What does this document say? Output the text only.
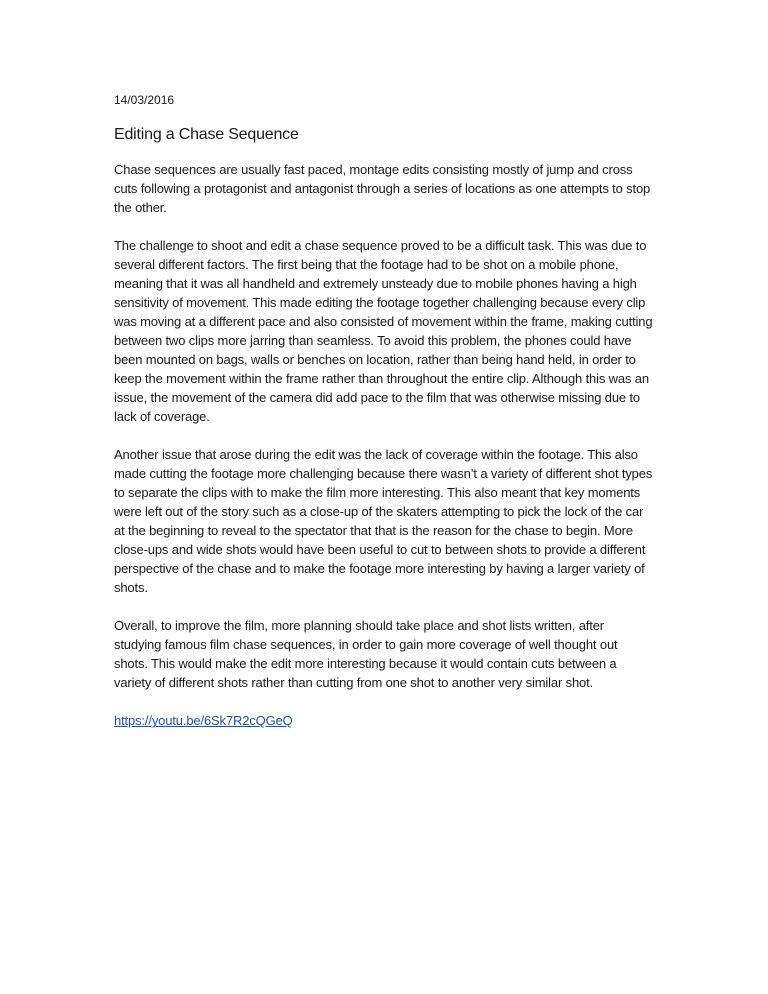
14/03/2016
Editing a Chase Sequence

Chase sequences are usually fast paced, montage edits consisting mostly of jump and cross cuts following a protagonist and antagonist through a series of locations as one attempts to stop the other.

The challenge to shoot and edit a chase sequence proved to be a difficult task. This was due to several different factors. The first being that the footage had to be shot on a mobile phone, meaning that it was all handheld and extremely unsteady due to mobile phones having a high sensitivity of movement. This made editing the footage together challenging because every clip was moving at a different pace and also consisted of movement within the frame, making cutting between two clips more jarring than seamless. To avoid this problem, the phones could have been mounted on bags, walls or benches on location, rather than being hand held, in order to keep the movement within the frame rather than throughout the entire clip. Although this was an issue, the movement of the camera did add pace to the film that was otherwise missing due to lack of coverage.

Another issue that arose during the edit was the lack of coverage within the footage. This also made cutting the footage more challenging because there wasn’t a variety of different shot types to separate the clips with to make the film more interesting. This also meant that key moments were left out of the story such as a close-up of the skaters attempting to pick the lock of the car at the beginning to reveal to the spectator that that is the reason for the chase to begin. More close-ups and wide shots would have been useful to cut to between shots to provide a different perspective of the chase and to make the footage more interesting by having a larger variety of shots.

Overall, to improve the film, more planning should take place and shot lists written, after studying famous film chase sequences, in order to gain more coverage of well thought out shots. This would make the edit more interesting because it would contain cuts between a variety of different shots rather than cutting from one shot to another very similar shot.

https://youtu.be/6Sk7R2cQGeQ
